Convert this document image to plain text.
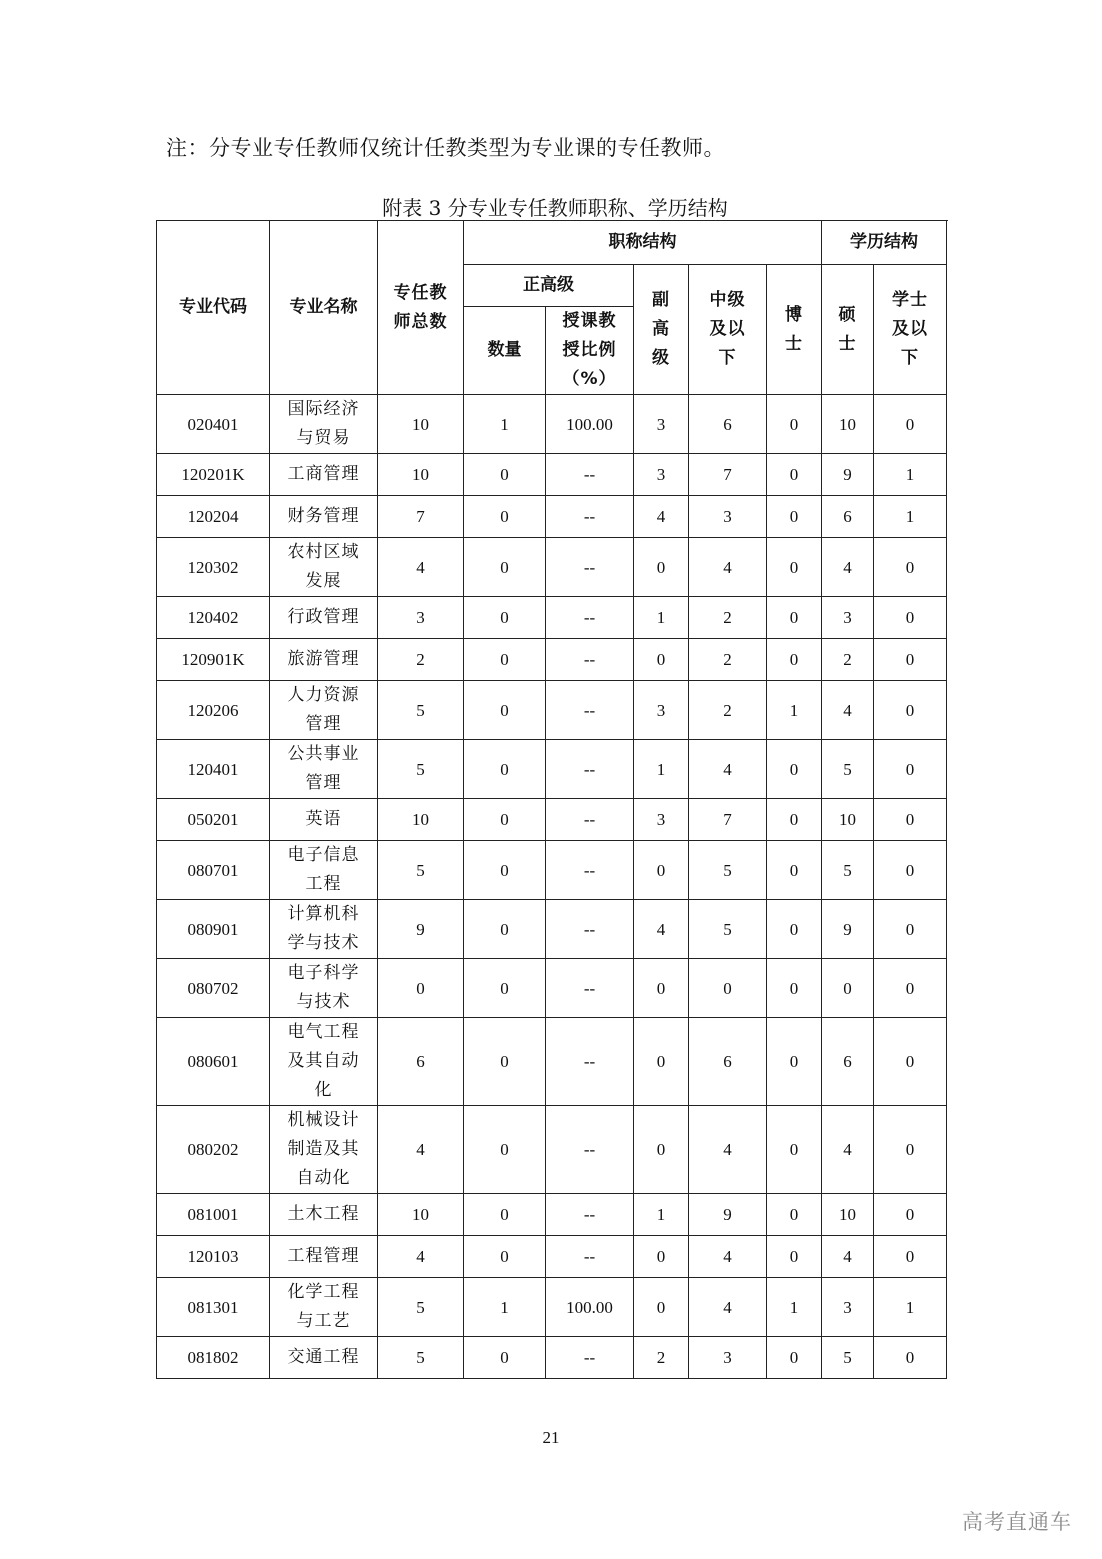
注：分专业专任教师仅统计任教类型为专业课的专任教师。
附表 3 分专业专任教师职称、学历结构
专业代码	专业名称	专任教师总数	职称结构					学历结构	
			正高级		副高级	中级及以下	博士	硕士	学士及以下
			数量	授课教授比例（%）					
020401	国际经济与贸易	10	1	100.00	3	6	0	10	0
120201K	工商管理	10	0	--	3	7	0	9	1
120204	财务管理	7	0	--	4	3	0	6	1
120302	农村区域发展	4	0	--	0	4	0	4	0
120402	行政管理	3	0	--	1	2	0	3	0
120901K	旅游管理	2	0	--	0	2	0	2	0
120206	人力资源管理	5	0	--	3	2	1	4	0
120401	公共事业管理	5	0	--	1	4	0	5	0
050201	英语	10	0	--	3	7	0	10	0
080701	电子信息工程	5	0	--	0	5	0	5	0
080901	计算机科学与技术	9	0	--	4	5	0	9	0
080702	电子科学与技术	0	0	--	0	0	0	0	0
080601	电气工程及其自动化	6	0	--	0	6	0	6	0
080202	机械设计制造及其自动化	4	0	--	0	4	0	4	0
081001	土木工程	10	0	--	1	9	0	10	0
120103	工程管理	4	0	--	0	4	0	4	0
081301	化学工程与工艺	5	1	100.00	0	4	1	3	1
081802	交通工程	5	0	--	2	3	0	5	0
21
高考直通车
